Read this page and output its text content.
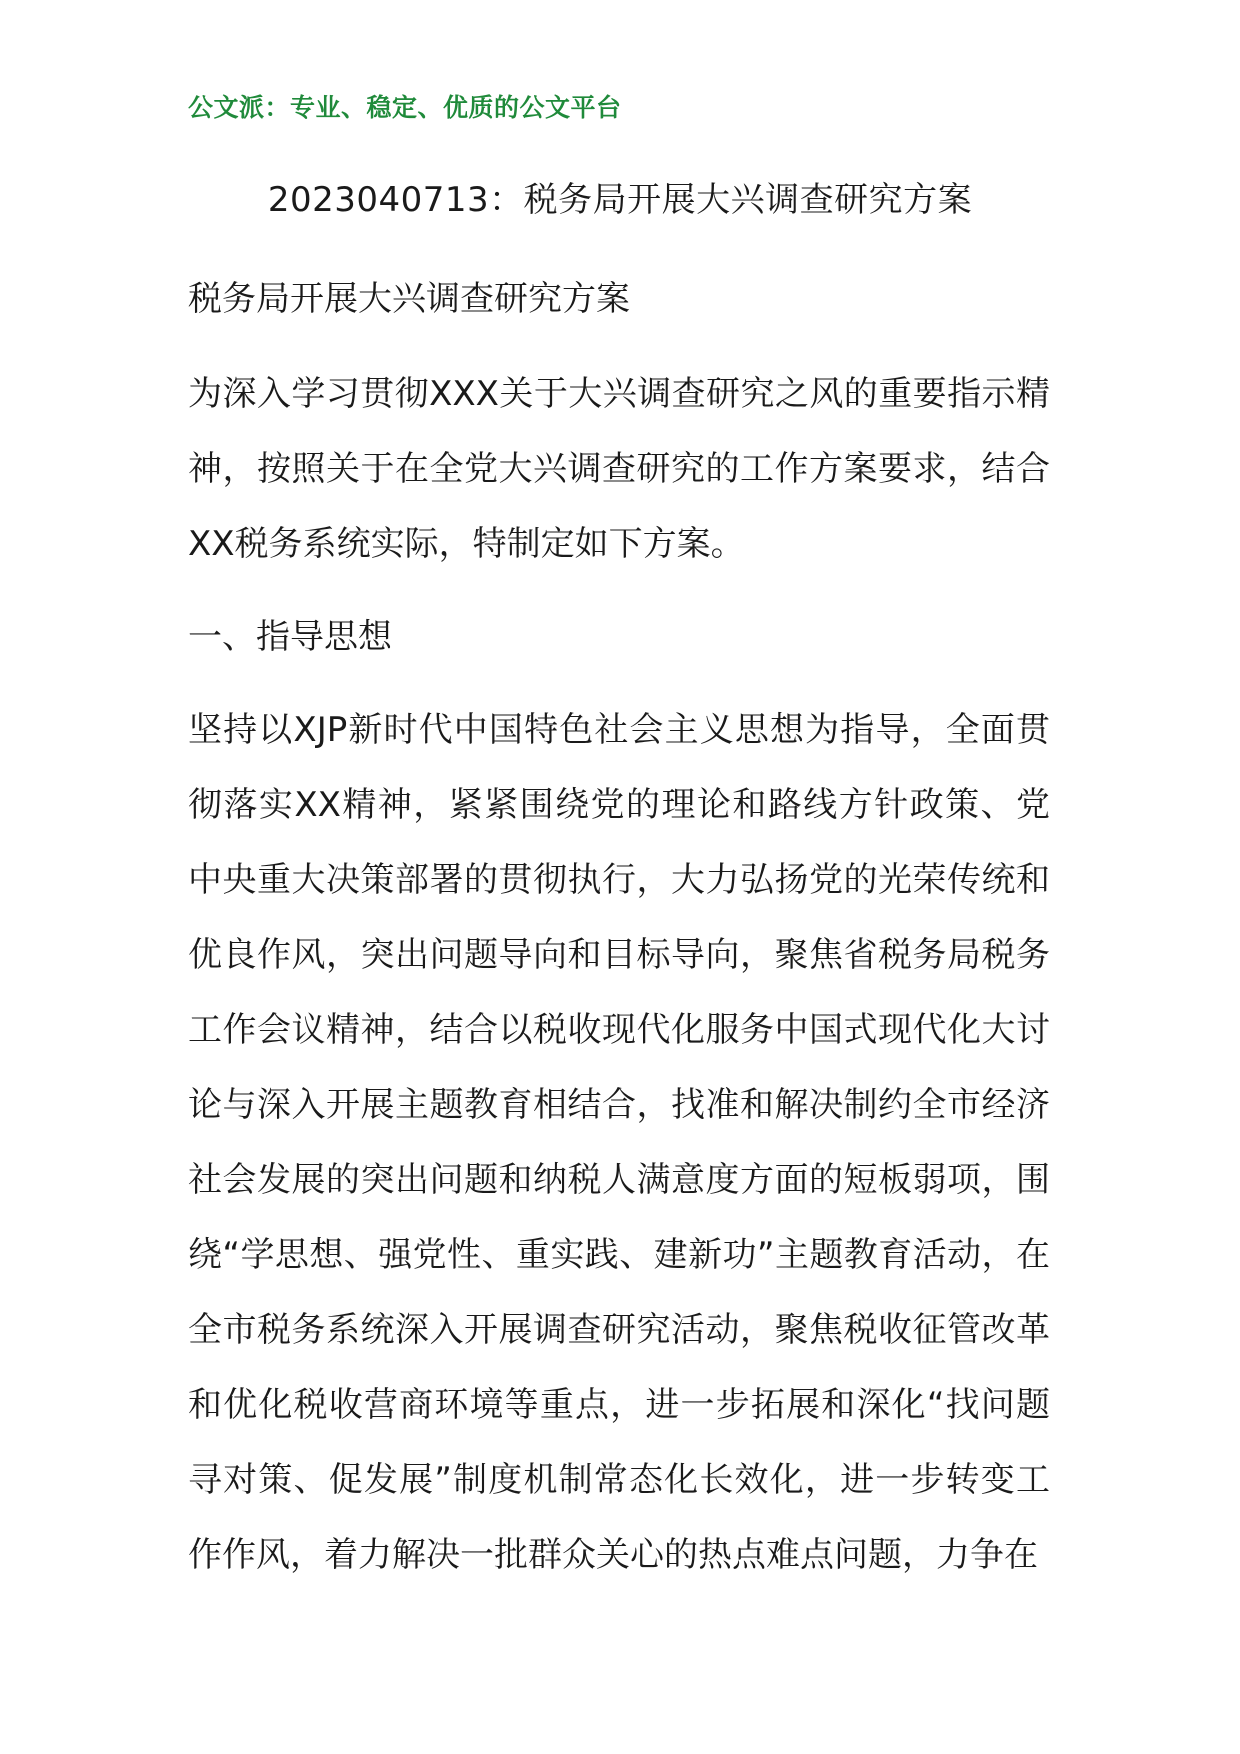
公文派：专业、稳定、优质的公文平台
2023040713：税务局开展大兴调查研究方案

税务局开展大兴调查研究方案

为深入学习贯彻XXX关于大兴调查研究之风的重要指示精神，按照关于在全党大兴调查研究的工作方案要求，结合XX税务系统实际，特制定如下方案。

一、指导思想

坚持以XJP新时代中国特色社会主义思想为指导，全面贯彻落实XX精神，紧紧围绕党的理论和路线方针政策、党中央重大决策部署的贯彻执行，大力弘扬党的光荣传统和优良作风，突出问题导向和目标导向，聚焦省税务局税务工作会议精神，结合以税收现代化服务中国式现代化大讨论与深入开展主题教育相结合，找准和解决制约全市经济社会发展的突出问题和纳税人满意度方面的短板弱项，围绕“学思想、强党性、重实践、建新功”主题教育活动，在全市税务系统深入开展调查研究活动，聚焦税收征管改革和优化税收营商环境等重点，进一步拓展和深化“找问题寻对策、促发展”制度机制常态化长效化，进一步转变工作作风，着力解决一批群众关心的热点难点问题，力争在
